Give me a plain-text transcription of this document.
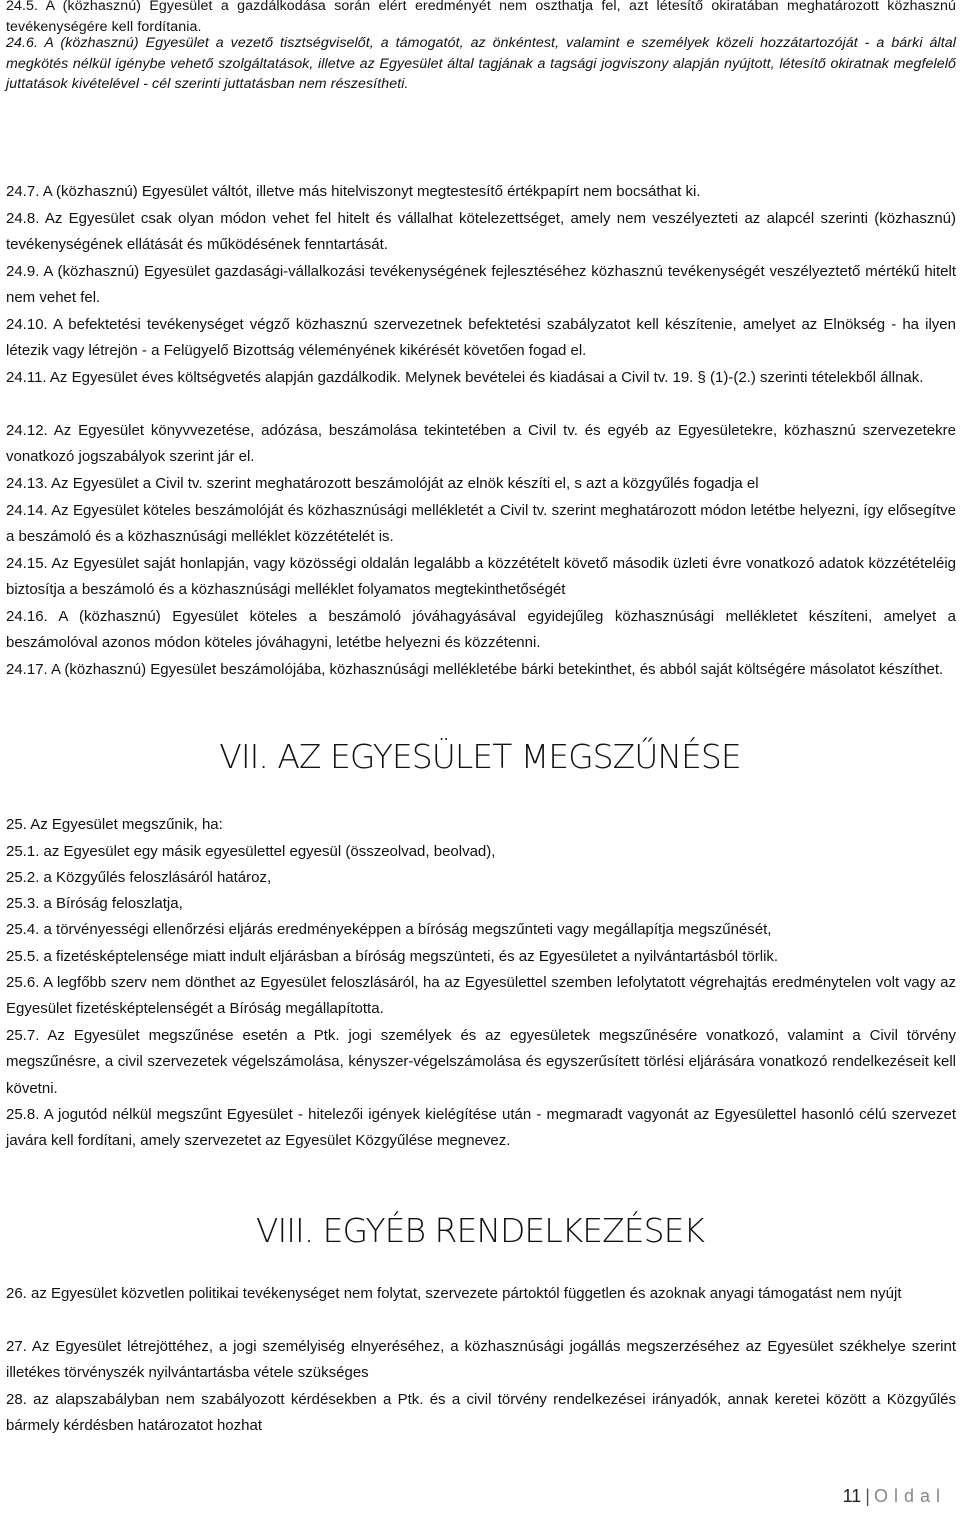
24.5. A (közhasznú) Egyesület a gazdálkodása során elért eredményét nem oszthatja fel, azt létesítő okiratában meghatározott közhasznú tevékenységére kell fordítania.

24.6. A (közhasznú) Egyesület a vezető tisztségviselőt, a támogatót, az önkéntest, valamint e személyek közeli hozzátartozóját - a bárki által megkötés nélkül igénybe vehető szolgáltatások, illetve az Egyesület által tagjának a tagsági jogviszony alapján nyújtott, létesítő okiratnak megfelelő juttatások kivételével - cél szerinti juttatásban nem részesítheti.

24.7. A (közhasznú) Egyesület váltót, illetve más hitelviszonyt megtestesítő értékpapírt nem bocsáthat ki.

24.8. Az Egyesület csak olyan módon vehet fel hitelt és vállalhat kötelezettséget, amely nem veszélyezteti az alapcél szerinti (közhasznú) tevékenységének ellátását és működésének fenntartását.

24.9. A (közhasznú) Egyesület gazdasági-vállalkozási tevékenységének fejlesztéséhez közhasznú tevékenységét veszélyeztető mértékű hitelt nem vehet fel.

24.10. A befektetési tevékenységet végző közhasznú szervezetnek befektetési szabályzatot kell készítenie, amelyet az Elnökség - ha ilyen létezik vagy létrejön - a Felügyelő Bizottság véleményének kikérését követően fogad el.

24.11. Az Egyesület éves költségvetés alapján gazdálkodik. Melynek bevételei és kiadásai a Civil tv. 19. § (1)-(2.) szerinti tételekből állnak.

24.12. Az Egyesület könyvvezetése, adózása, beszámolása tekintetében a Civil tv. és egyéb az Egyesületekre, közhasznú szervezetekre vonatkozó jogszabályok szerint jár el.

24.13. Az Egyesület a Civil tv. szerint meghatározott beszámolóját az elnök készíti el, s azt a közgyűlés fogadja el

24.14. Az Egyesület köteles beszámolóját és közhasznúsági mellékletét a Civil tv. szerint meghatározott módon letétbe helyezni, így elősegítve a beszámoló és a közhasznúsági melléklet közzétételét is.

24.15. Az Egyesület saját honlapján, vagy közösségi oldalán legalább a közzétételt követő második üzleti évre vonatkozó adatok közzétételéig biztosítja a beszámoló és a közhasznúsági melléklet folyamatos megtekinthetőségét

24.16. A (közhasznú) Egyesület köteles a beszámoló jóváhagyásával egyidejűleg közhasznúsági mellékletet készíteni, amelyet a beszámolóval azonos módon köteles jóváhagyni, letétbe helyezni és közzétenni.

24.17. A (közhasznú) Egyesület beszámolójába, közhasznúsági mellékletébe bárki betekinthet, és abból saját költségére másolatot készíthet.

VII. AZ EGYESÜLET MEGSZŰNÉSE

25. Az Egyesület megszűnik, ha:

25.1. az Egyesület egy másik egyesülettel egyesül (összeolvad, beolvad),

25.2. a Közgyűlés feloszlásáról határoz,

25.3. a Bíróság feloszlatja,

25.4. a törvényességi ellenőrzési eljárás eredményeképpen a bíróság megszűnteti vagy megállapítja megszűnését,

25.5. a fizetésképtelensége miatt indult eljárásban a bíróság megszünteti, és az Egyesületet a nyilvántartásból törlik.

25.6. A legfőbb szerv nem dönthet az Egyesület feloszlásáról, ha az Egyesülettel szemben lefolytatott végrehajtás eredménytelen volt vagy az Egyesület fizetésképtelenségét a Bíróság megállapította.

25.7. Az Egyesület megszűnése esetén a Ptk. jogi személyek és az egyesületek megszűnésére vonatkozó, valamint a Civil törvény megszűnésre, a civil szervezetek végelszámolása, kényszer-végelszámolása és egyszerűsített törlési eljárására vonatkozó rendelkezéseit kell követni.

25.8. A jogutód nélkül megszűnt Egyesület - hitelezői igények kielégítése után - megmaradt vagyonát az Egyesülettel hasonló célú szervezet javára kell fordítani, amely szervezetet az Egyesület Közgyűlése megnevez.

VIII. EGYÉB RENDELKEZÉSEK

26. az Egyesület közvetlen politikai tevékenységet nem folytat, szervezete pártoktól független és azoknak anyagi támogatást nem nyújt

27. Az Egyesület létrejöttéhez, a jogi személyiség elnyeréséhez, a közhasznúsági jogállás megszerzéséhez az Egyesület székhelye szerint illetékes törvényszék nyilvántartásba vétele szükséges

28. az alapszabályban nem szabályozott kérdésekben a Ptk. és a civil törvény rendelkezései irányadók, annak keretei között a Közgyűlés bármely kérdésben határozatot hozhat

11 | Oldal
